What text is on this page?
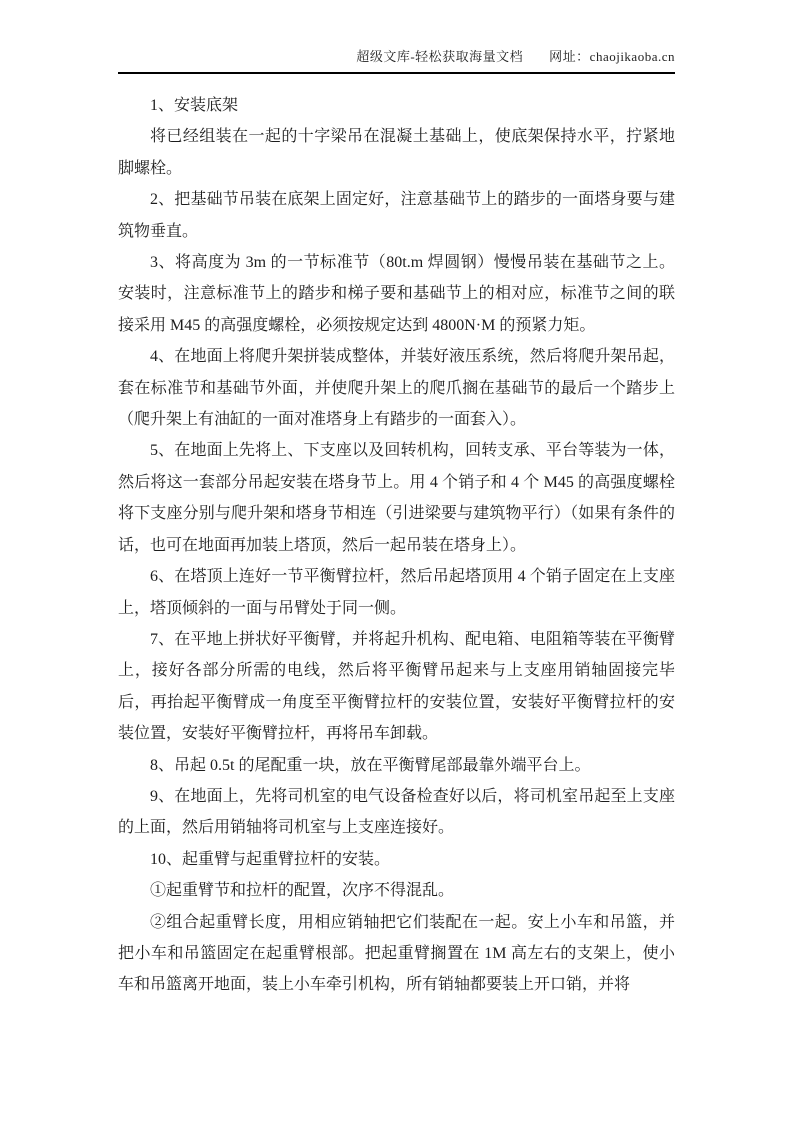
超级文库-轻松获取海量文档 网址：chaojikaoba.cn

1、安装底架

将已经组装在一起的十字梁吊在混凝土基础上，使底架保持水平，拧紧地脚螺栓。

2、把基础节吊装在底架上固定好，注意基础节上的踏步的一面塔身要与建筑物垂直。

3、将高度为 3m 的一节标准节（80t.m 焊圆钢）慢慢吊装在基础节之上。安装时，注意标准节上的踏步和梯子要和基础节上的相对应，标准节之间的联接采用 M45 的高强度螺栓，必须按规定达到 4800N·M 的预紧力矩。

4、在地面上将爬升架拼装成整体，并装好液压系统，然后将爬升架吊起，套在标准节和基础节外面，并使爬升架上的爬爪搁在基础节的最后一个踏步上（爬升架上有油缸的一面对准塔身上有踏步的一面套入）。

5、在地面上先将上、下支座以及回转机构，回转支承、平台等装为一体，然后将这一套部分吊起安装在塔身节上。用 4 个销子和 4 个 M45 的高强度螺栓将下支座分别与爬升架和塔身节相连（引进梁要与建筑物平行）（如果有条件的话，也可在地面再加装上塔顶，然后一起吊装在塔身上）。

6、在塔顶上连好一节平衡臂拉杆，然后吊起塔顶用 4 个销子固定在上支座上，塔顶倾斜的一面与吊臂处于同一侧。

7、在平地上拼状好平衡臂，并将起升机构、配电箱、电阻箱等装在平衡臂上，接好各部分所需的电线，然后将平衡臂吊起来与上支座用销轴固接完毕后，再抬起平衡臂成一角度至平衡臂拉杆的安装位置，安装好平衡臂拉杆的安装位置，安装好平衡臂拉杆，再将吊车卸载。

8、吊起 0.5t 的尾配重一块，放在平衡臂尾部最靠外端平台上。

9、在地面上，先将司机室的电气设备检查好以后，将司机室吊起至上支座的上面，然后用销轴将司机室与上支座连接好。

10、起重臂与起重臂拉杆的安装。

①起重臂节和拉杆的配置，次序不得混乱。

②组合起重臂长度，用相应销轴把它们装配在一起。安上小车和吊篮，并把小车和吊篮固定在起重臂根部。把起重臂搁置在 1M 高左右的支架上，使小车和吊篮离开地面，装上小车牵引机构，所有销轴都要装上开口销，并将
